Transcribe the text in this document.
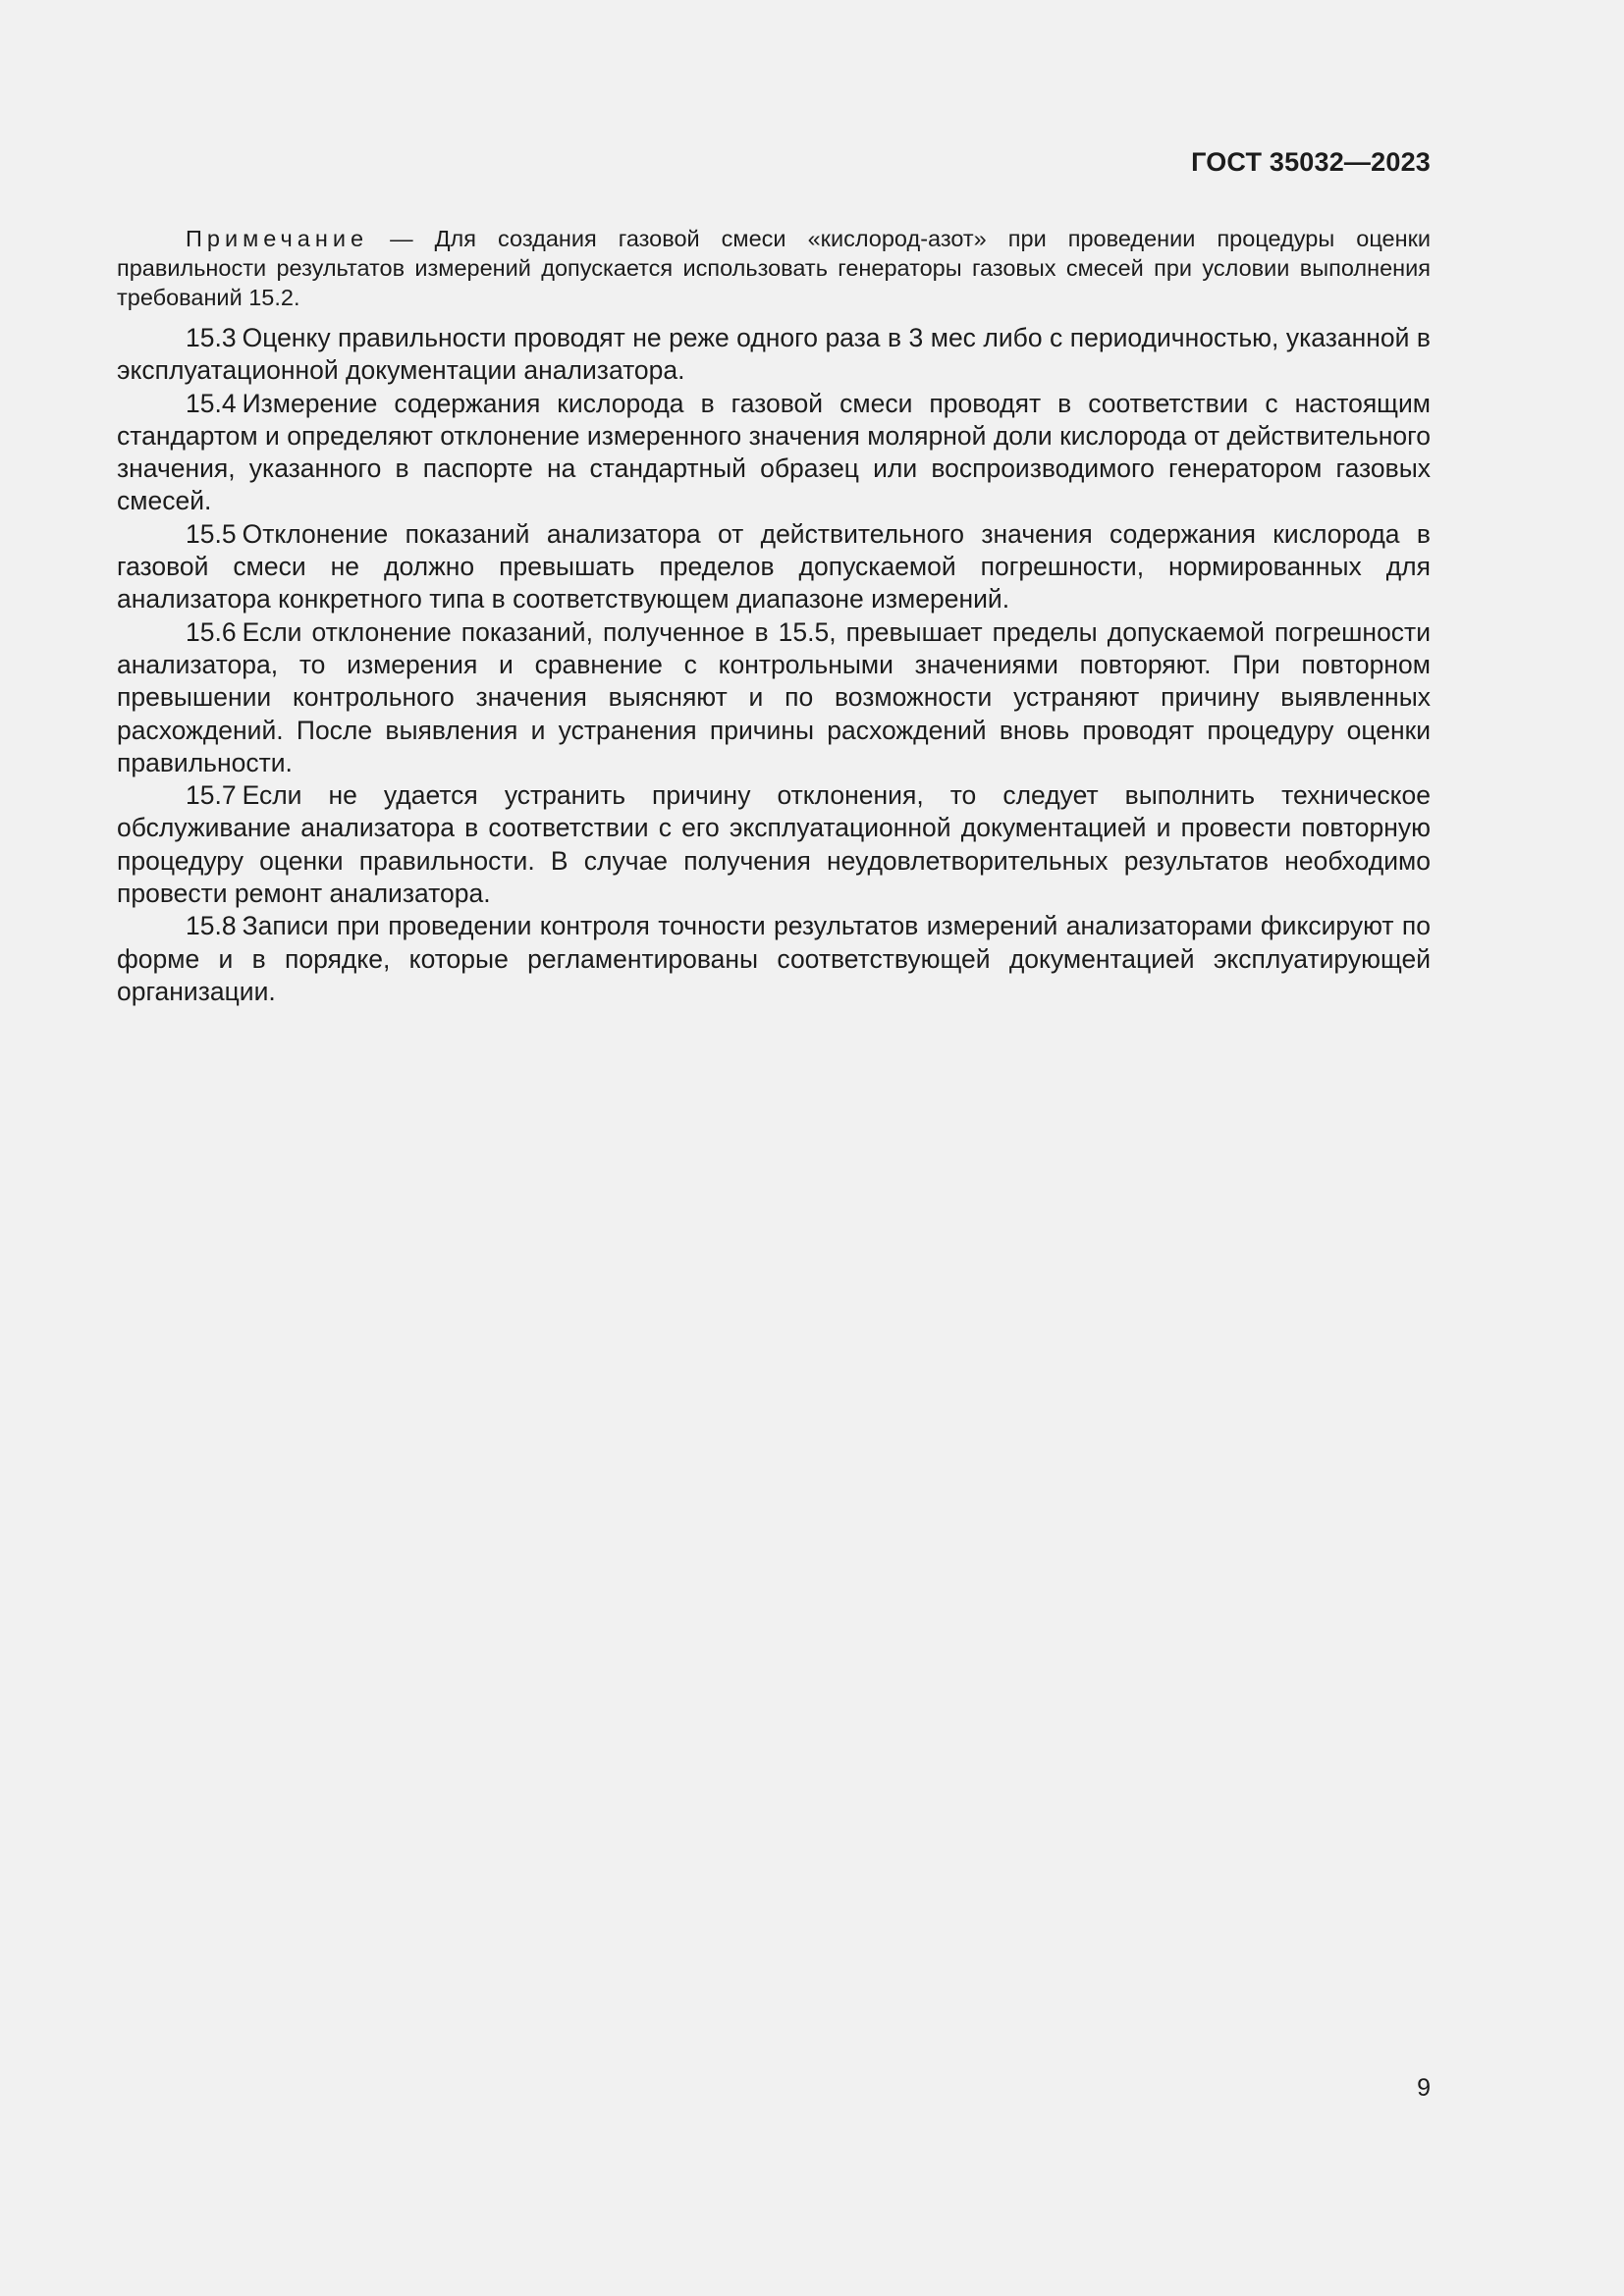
ГОСТ 35032—2023

Примечание — Для создания газовой смеси «кислород-азот» при проведении процедуры оценки правильности результатов измерений допускается использовать генераторы газовых смесей при условии выполнения требований 15.2.

15.3 Оценку правильности проводят не реже одного раза в 3 мес либо с периодичностью, указанной в эксплуатационной документации анализатора.

15.4 Измерение содержания кислорода в газовой смеси проводят в соответствии с настоящим стандартом и определяют отклонение измеренного значения молярной доли кислорода от действительного значения, указанного в паспорте на стандартный образец или воспроизводимого генератором газовых смесей.

15.5 Отклонение показаний анализатора от действительного значения содержания кислорода в газовой смеси не должно превышать пределов допускаемой погрешности, нормированных для анализатора конкретного типа в соответствующем диапазоне измерений.

15.6 Если отклонение показаний, полученное в 15.5, превышает пределы допускаемой погрешности анализатора, то измерения и сравнение с контрольными значениями повторяют. При повторном превышении контрольного значения выясняют и по возможности устраняют причину выявленных расхождений. После выявления и устранения причины расхождений вновь проводят процедуру оценки правильности.

15.7 Если не удается устранить причину отклонения, то следует выполнить техническое обслуживание анализатора в соответствии с его эксплуатационной документацией и провести повторную процедуру оценки правильности. В случае получения неудовлетворительных результатов необходимо провести ремонт анализатора.

15.8 Записи при проведении контроля точности результатов измерений анализаторами фиксируют по форме и в порядке, которые регламентированы соответствующей документацией эксплуатирующей организации.

9
